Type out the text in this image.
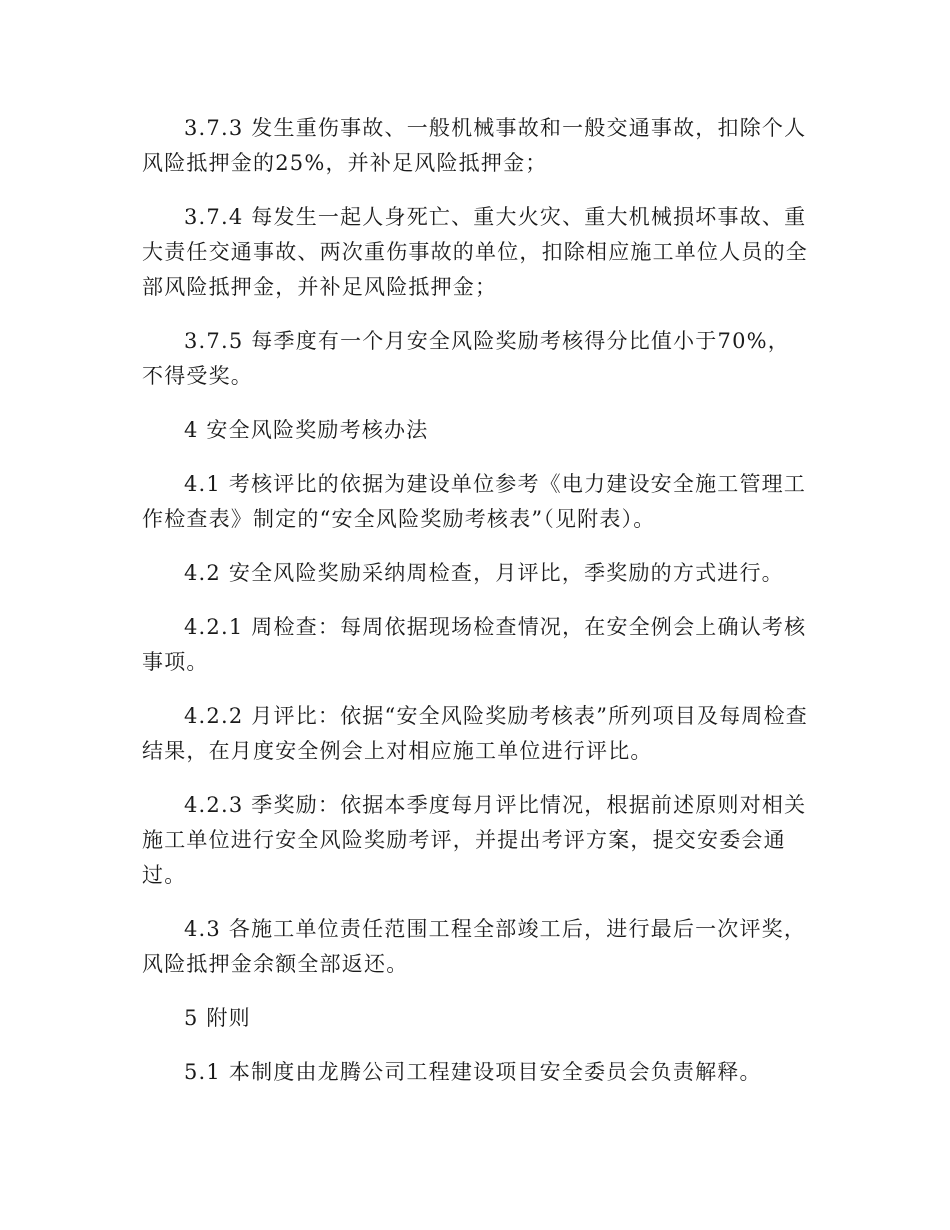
3.7.3 发生重伤事故、一般机械事故和一般交通事故，扣除个人风险抵押金的25%，并补足风险抵押金；

3.7.4 每发生一起人身死亡、重大火灾、重大机械损坏事故、重大责任交通事故、两次重伤事故的单位，扣除相应施工单位人员的全部风险抵押金，并补足风险抵押金；

3.7.5 每季度有一个月安全风险奖励考核得分比值小于70%，不得受奖。

4 安全风险奖励考核办法

4.1 考核评比的依据为建设单位参考《电力建设安全施工管理工作检查表》制定的“安全风险奖励考核表”（见附表）。

4.2 安全风险奖励采纳周检查，月评比，季奖励的方式进行。

4.2.1 周检查：每周依据现场检查情况，在安全例会上确认考核事项。

4.2.2 月评比：依据“安全风险奖励考核表”所列项目及每周检查结果，在月度安全例会上对相应施工单位进行评比。

4.2.3 季奖励：依据本季度每月评比情况，根据前述原则对相关施工单位进行安全风险奖励考评，并提出考评方案，提交安委会通过。

4.3 各施工单位责任范围工程全部竣工后，进行最后一次评奖，风险抵押金余额全部返还。

5 附则

5.1 本制度由龙腾公司工程建设项目安全委员会负责解释。
